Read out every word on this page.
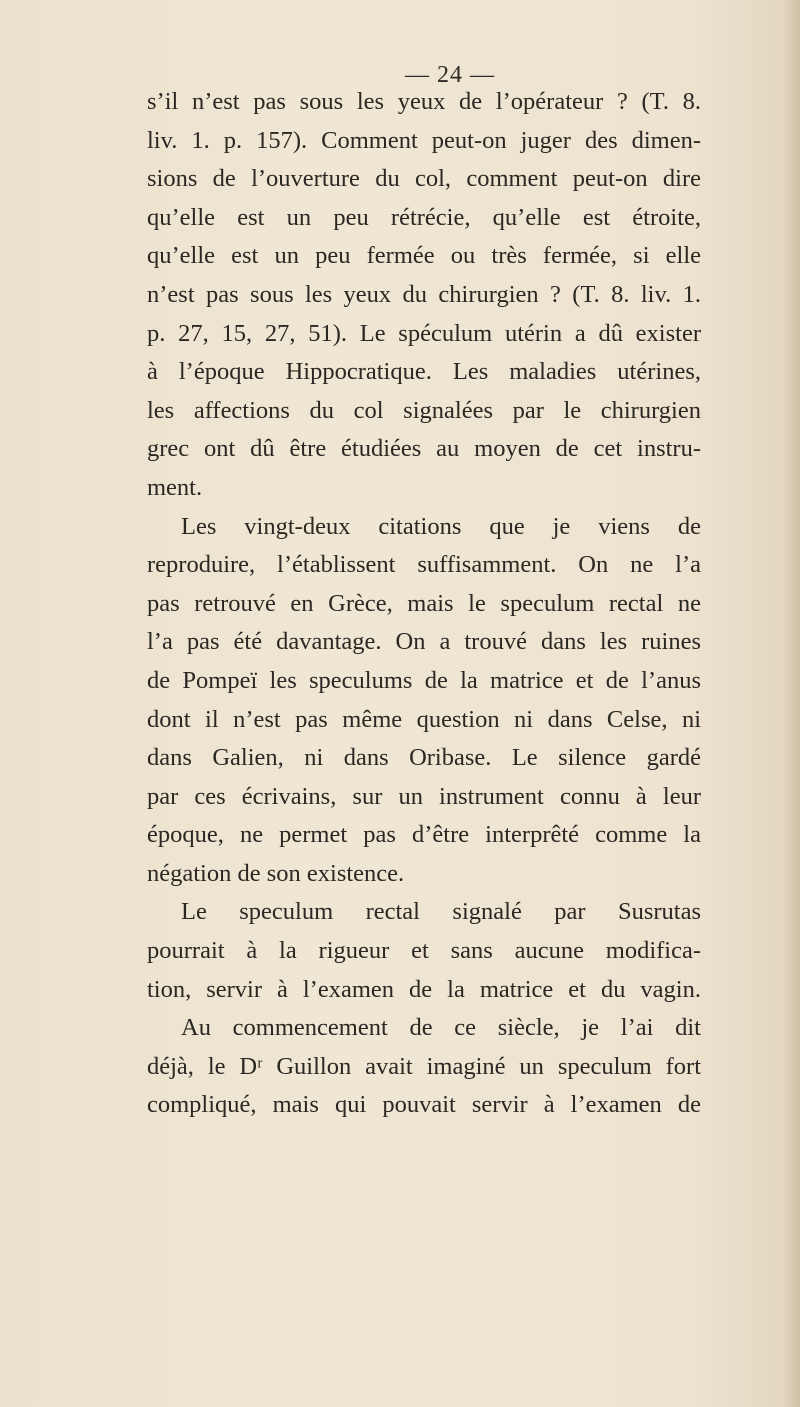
— 24 —
s’il n’est pas sous les yeux de l’opérateur ? (T. 8.
liv. 1. p. 157). Comment peut-on juger des dimen-
sions de l’ouverture du col, comment peut-on dire
qu’elle est un peu rétrécie, qu’elle est étroite,
qu’elle est un peu fermée ou très fermée, si elle
n’est pas sous les yeux du chirurgien ? (T. 8. liv. 1.
p. 27, 15, 27, 51). Le spéculum utérin a dû exister
à l’époque Hippocratique. Les maladies utérines,
les affections du col signalées par le chirurgien
grec ont dû être étudiées au moyen de cet instru-
ment.
Les vingt-deux citations que je viens de
reproduire, l’établissent suffisamment. On ne l’a
pas retrouvé en Grèce, mais le speculum rectal ne
l’a pas été davantage. On a trouvé dans les ruines
de Pompeï les speculums de la matrice et de l’anus
dont il n’est pas même question ni dans Celse, ni
dans Galien, ni dans Oribase. Le silence gardé
par ces écrivains, sur un instrument connu à leur
époque, ne permet pas d’être interprêté comme la
négation de son existence.
Le speculum rectal signalé par Susrutas
pourrait à la rigueur et sans aucune modifica-
tion, servir à l’examen de la matrice et du vagin.
Au commencement de ce siècle, je l’ai dit
déjà, le Dʳ Guillon avait imaginé un speculum fort
compliqué, mais qui pouvait servir à l’examen de
